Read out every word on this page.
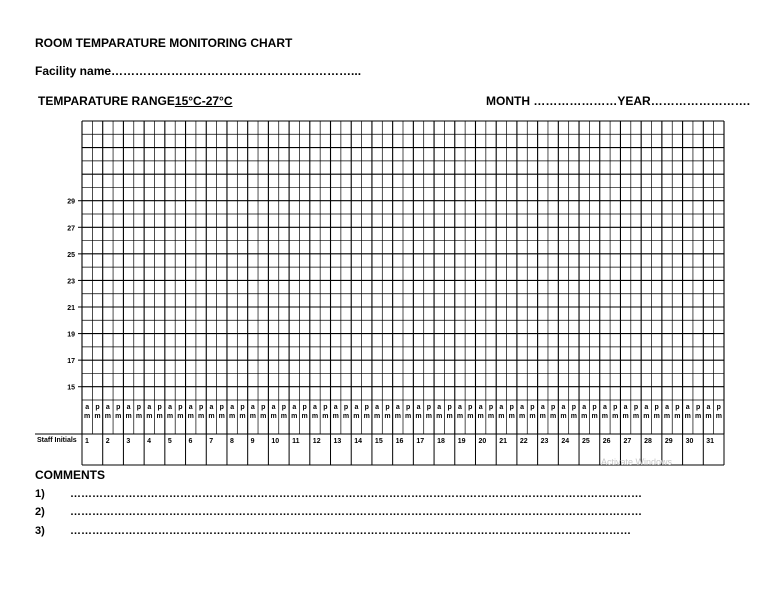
ROOM TEMPARATURE MONITORING CHART
Facility name……………………………………………………...
TEMPARATURE RANGE15°C-27°C	MONTH …………………YEAR…………………….
29
27
25
23
21
19
17
15
a
m
p
m
a
m
p
m
a
m
p
m
a
m
p
m
a
m
p
m
a
m
p
m
a
m
p
m
a
m
p
m
a
m
p
m
a
m
p
m
a
m
p
m
a
m
p
m
a
m
p
m
a
m
p
m
a
m
p
m
a
m
p
m
a
m
p
m
a
m
p
m
a
m
p
m
a
m
p
m
a
m
p
m
a
m
p
m
a
m
p
m
a
m
p
m
a
m
p
m
a
m
p
m
a
m
p
m
a
m
p
m
a
m
p
m
a
m
p
m
a
m
p
m
Staff Initials 1 2 3 4 5 6 7 8 9 10 11 12 13 14 15 16 17 18 19 20 21 22 23 24 25 26 27 28 29 30 31
COMMENTS
1) …………………………………………………………………………………………………………………………………………
2) …………………………………………………………………………………………………………………………………………
3) ………………………………………………………………………………………………………………………………………
Activate Windows
